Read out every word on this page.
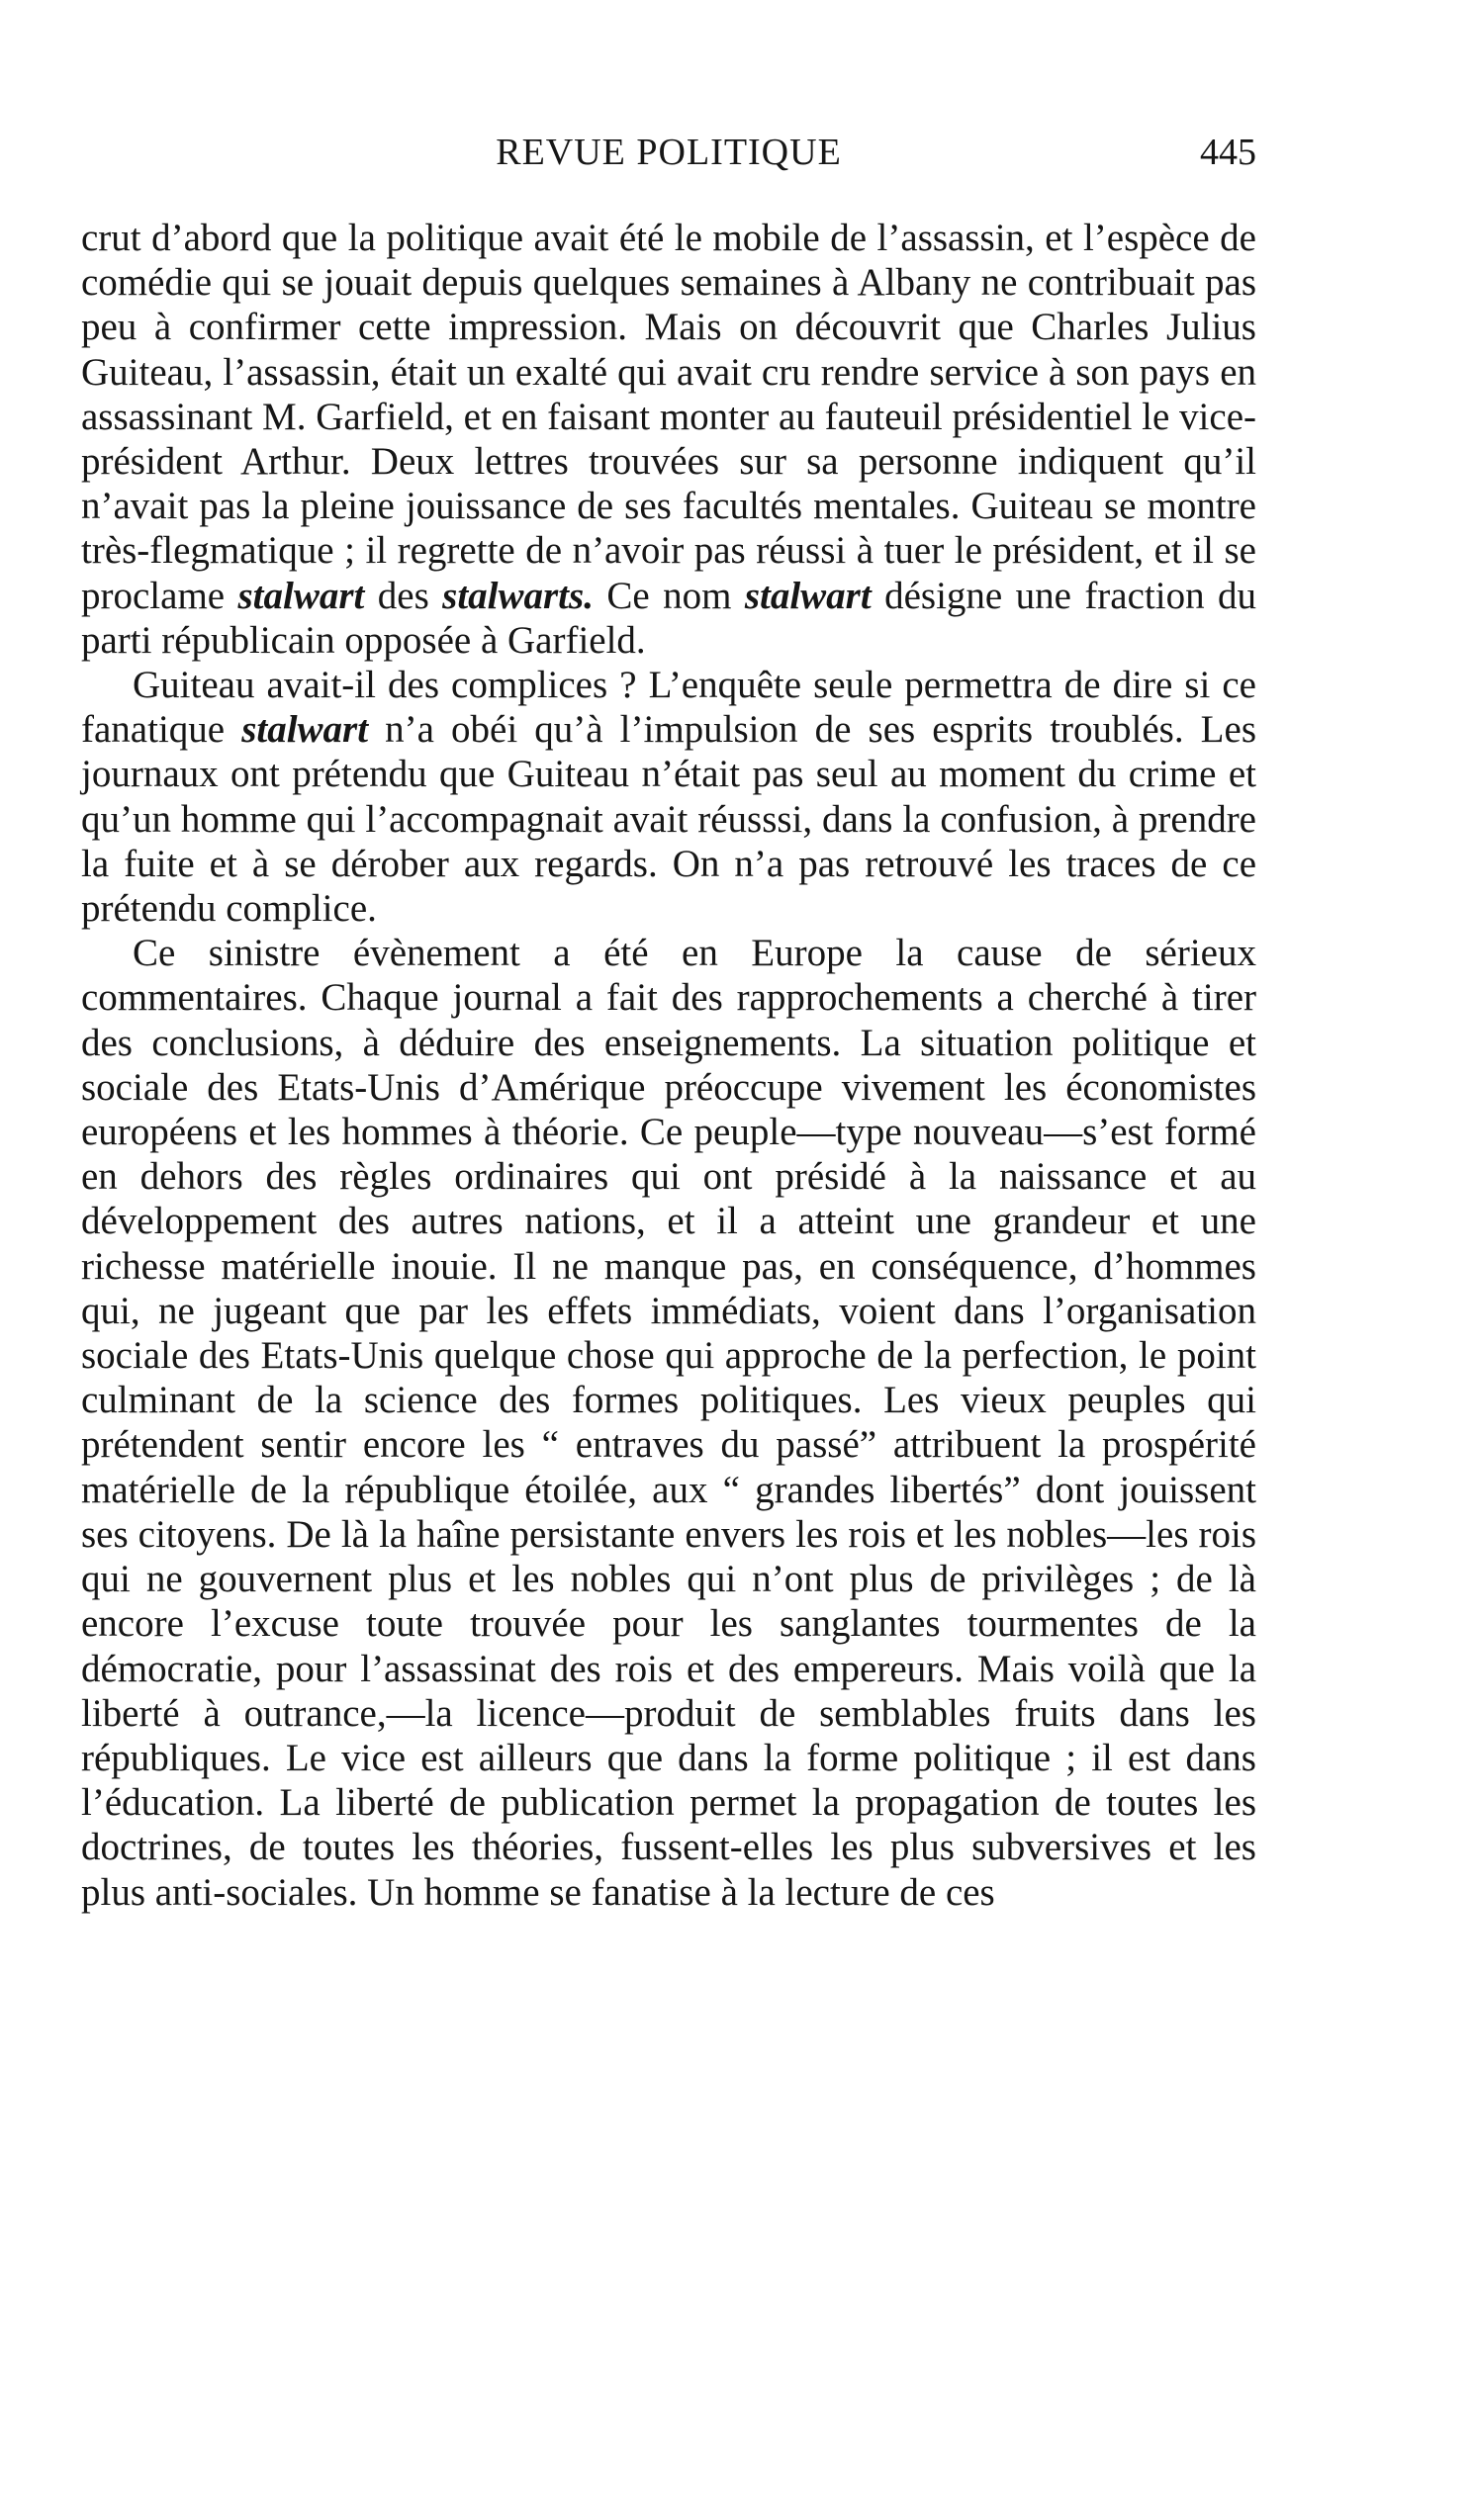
REVUE POLITIQUE	445

crut d’abord que la politique avait été le mobile de l’assassin, et l’espèce de comédie qui se jouait depuis quelques semaines à Albany ne contribuait pas peu à confirmer cette impression. Mais on découvrit que Charles Julius Guiteau, l’assassin, était un exalté qui avait cru rendre service à son pays en assassinant M. Garfield, et en faisant monter au fauteuil présidentiel le vice-président Arthur. Deux lettres trouvées sur sa personne indiquent qu’il n’avait pas la pleine jouissance de ses facultés mentales. Guiteau se montre très-flegmatique ; il regrette de n’avoir pas réussi à tuer le président, et il se proclame stalwart des stalwarts. Ce nom stalwart désigne une fraction du parti républicain opposée à Garfield.

Guiteau avait-il des complices ? L’enquête seule permettra de dire si ce fanatique stalwart n’a obéi qu’à l’impulsion de ses esprits troublés. Les journaux ont prétendu que Guiteau n’était pas seul au moment du crime et qu’un homme qui l’accompagnait avait réusssi, dans la confusion, à prendre la fuite et à se dérober aux regards. On n’a pas retrouvé les traces de ce prétendu complice.

Ce sinistre évènement a été en Europe la cause de sérieux commentaires. Chaque journal a fait des rapprochements a cherché à tirer des conclusions, à déduire des enseignements. La situation politique et sociale des Etats-Unis d’Amérique préoccupe vivement les économistes européens et les hommes à théorie. Ce peuple—type nouveau—s’est formé en dehors des règles ordinaires qui ont présidé à la naissance et au développement des autres nations, et il a atteint une grandeur et une richesse matérielle inouie. Il ne manque pas, en conséquence, d’hommes qui, ne jugeant que par les effets immédiats, voient dans l’organisation sociale des Etats-Unis quelque chose qui approche de la perfection, le point culminant de la science des formes politiques. Les vieux peuples qui prétendent sentir encore les “ entraves du passé” attribuent la prospérité matérielle de la république étoilée, aux “ grandes libertés” dont jouissent ses citoyens. De là la haîne persistante envers les rois et les nobles—les rois qui ne gouvernent plus et les nobles qui n’ont plus de privilèges ; de là encore l’excuse toute trouvée pour les sanglantes tourmentes de la démocratie, pour l’assassinat des rois et des empereurs. Mais voilà que la liberté à outrance,—la licence—produit de semblables fruits dans les républiques. Le vice est ailleurs que dans la forme politique ; il est dans l’éducation. La liberté de publication permet la propagation de toutes les doctrines, de toutes les théories, fussent-elles les plus subversives et les plus anti-sociales. Un homme se fanatise à la lecture de ces
